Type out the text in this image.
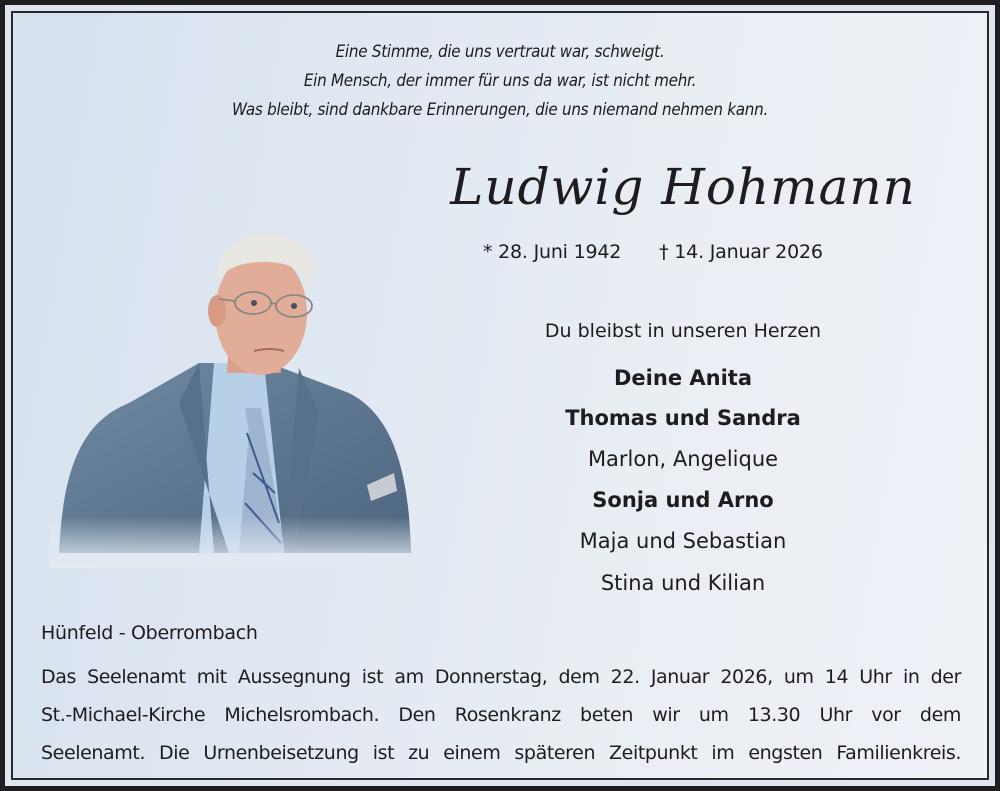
Eine Stimme, die uns vertraut war, schweigt.
Ein Mensch, der immer für uns da war, ist nicht mehr.
Was bleibt, sind dankbare Erinnerungen, die uns niemand nehmen kann.
Ludwig Hohmann
* 28. Juni 1942 † 14. Januar 2026
Du bleibst in unseren Herzen
Deine Anita
Thomas und Sandra
Marlon, Angelique
Sonja und Arno
Maja und Sebastian
Stina und Kilian
Hünfeld - Oberrombach
Das Seelenamt mit Aussegnung ist am Donnerstag, dem 22. Januar 2026, um 14 Uhr in der
St.-Michael-Kirche Michelsrombach. Den Rosenkranz beten wir um 13.30 Uhr vor dem
Seelenamt. Die Urnenbeisetzung ist zu einem späteren Zeitpunkt im engsten Familienkreis.
